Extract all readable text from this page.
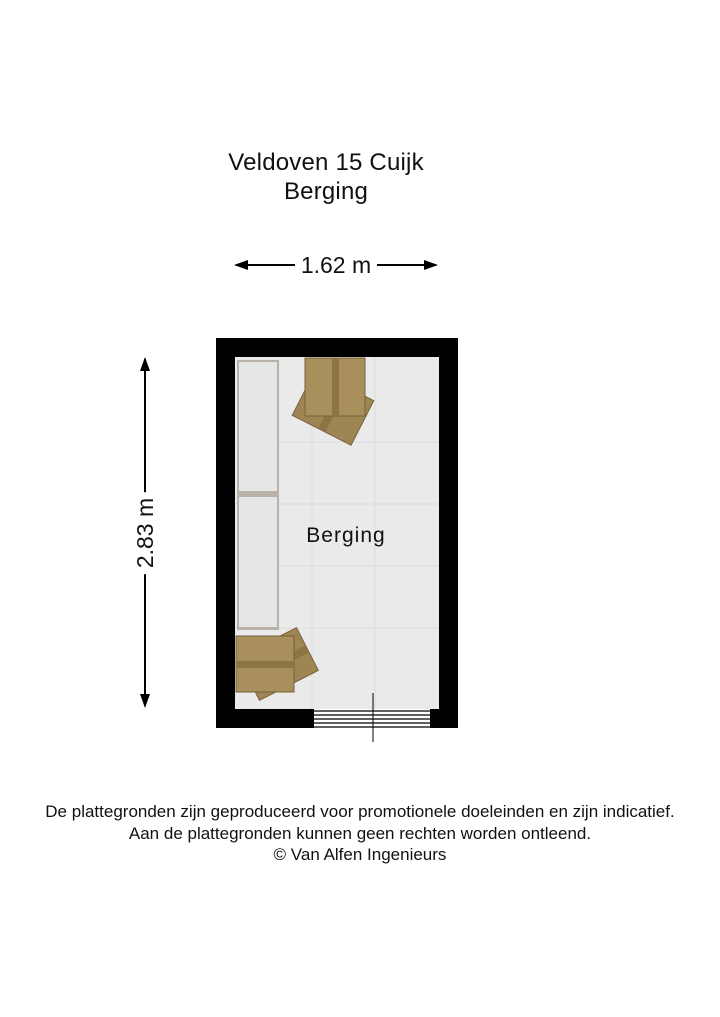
Veldoven 15 Cuijk
Berging
1.62 m
2.83 m	Berging
De plattegronden zijn geproduceerd voor promotionele doeleinden en zijn indicatief.
Aan de plattegronden kunnen geen rechten worden ontleend.
© Van Alfen Ingenieurs
